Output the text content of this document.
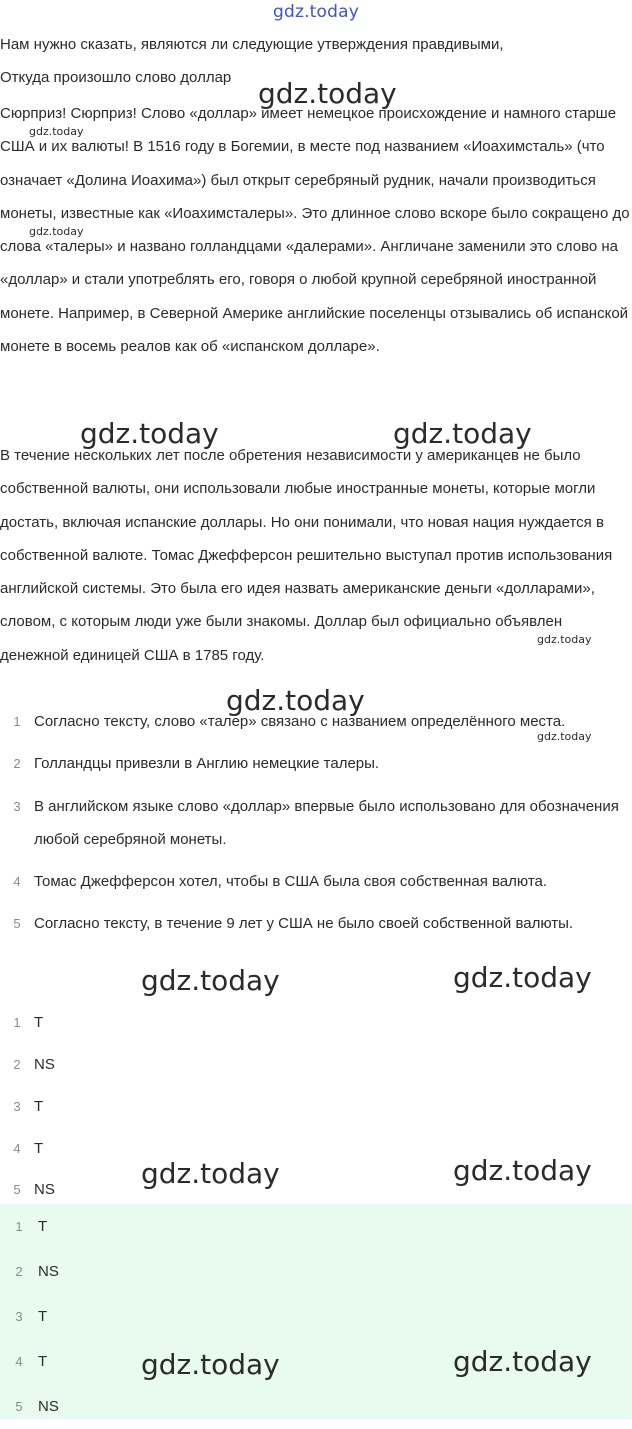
gdz.today
Нам нужно сказать, являются ли следующие утверждения правдивыми,
Откуда произошло слово доллар

Сюрприз! Сюрприз! Слово «доллар» имеет немецкое происхождение и намного старше США и их валюты! В 1516 году в Богемии, в месте под названием «Иоахимсталь» (что означает «Долина Иоахима») был открыт серебряный рудник, начали производиться монеты, известные как «Иоахимсталеры». Это длинное слово вскоре было сокращено до слова «талеры» и названо голландцами «далерами». Англичане заменили это слово на «доллар» и стали употреблять его, говоря о любой крупной серебряной иностранной монете. Например, в Северной Америке английские поселенцы отзывались об испанской монете в восемь реалов как об «испанском долларе».

В течение нескольких лет после обретения независимости у американцев не было собственной валюты, они использовали любые иностранные монеты, которые могли достать, включая испанские доллары. Но они понимали, что новая нация нуждается в собственной валюте. Томас Джефферсон решительно выступал против использования английской системы. Это была его идея назвать американские деньги «долларами», словом, с которым люди уже были знакомы. Доллар был официально объявлен денежной единицей США в 1785 году.

1 Согласно тексту, слово «талер» связано с названием определённого места.
2 Голландцы привезли в Англию немецкие талеры.
3 В английском языке слово «доллар» впервые было использовано для обозначения любой серебряной монеты.
4 Томас Джефферсон хотел, чтобы в США была своя собственная валюта.
5 Согласно тексту, в течение 9 лет у США не было своей собственной валюты.
1 T
2 NS
3 T
4 T
5 NS
1	T
2	NS
3	T
4	T
5	NS
gdz.today
gdz.today
gdz.today
gdz.today	gdz.today
gdz.today
gdz.today
gdz.today
gdz.today	gdz.today
gdz.today	gdz.today
gdz.today	gdz.today
